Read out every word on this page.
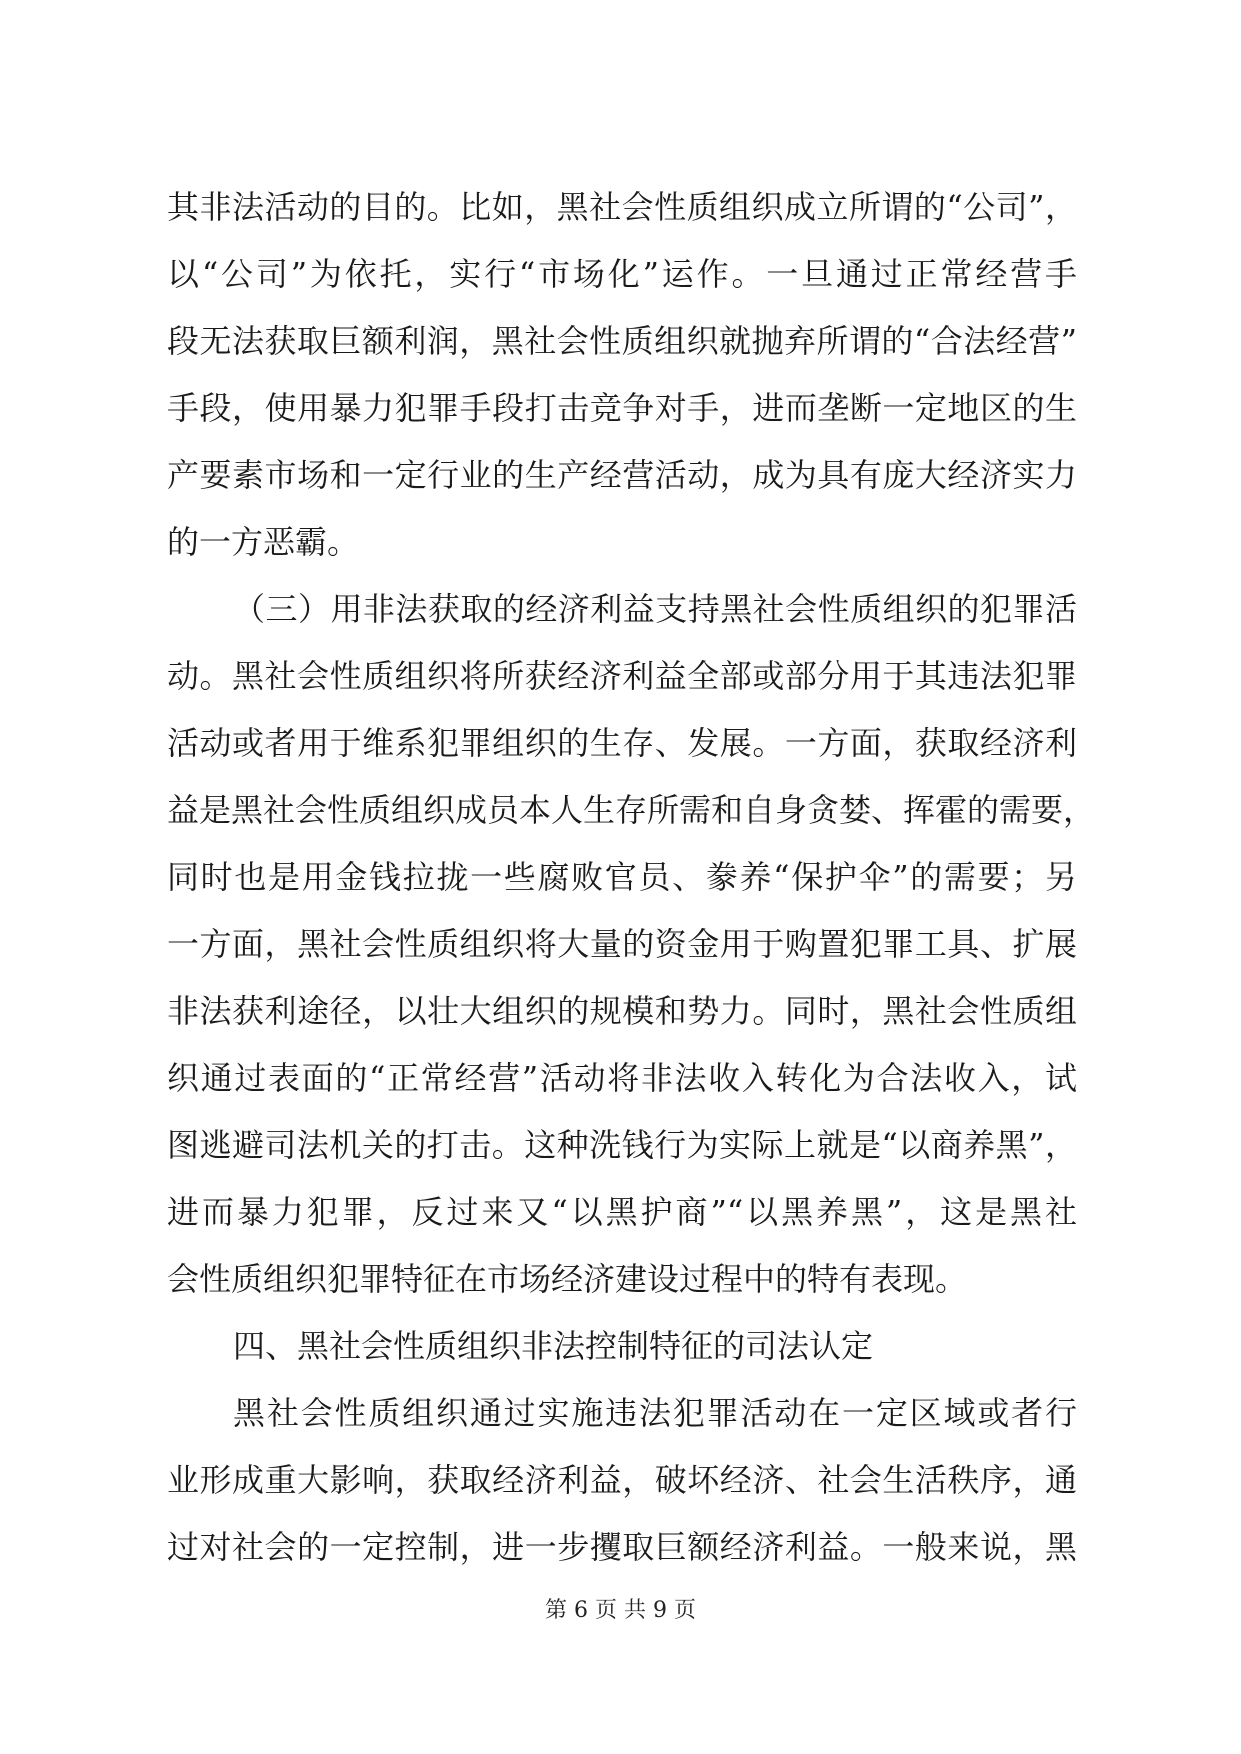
其非法活动的目的。比如，黑社会性质组织成立所谓的“公司”，
以“公司”为依托，实行“市场化”运作。一旦通过正常经营手
段无法获取巨额利润，黑社会性质组织就抛弃所谓的“合法经营”
手段，使用暴力犯罪手段打击竞争对手，进而垄断一定地区的生
产要素市场和一定行业的生产经营活动，成为具有庞大经济实力
的一方恶霸。
（三）用非法获取的经济利益支持黑社会性质组织的犯罪活
动。黑社会性质组织将所获经济利益全部或部分用于其违法犯罪
活动或者用于维系犯罪组织的生存、发展。一方面，获取经济利
益是黑社会性质组织成员本人生存所需和自身贪婪、挥霍的需要，
同时也是用金钱拉拢一些腐败官员、豢养“保护伞”的需要；另
一方面，黑社会性质组织将大量的资金用于购置犯罪工具、扩展
非法获利途径，以壮大组织的规模和势力。同时，黑社会性质组
织通过表面的“正常经营”活动将非法收入转化为合法收入，试
图逃避司法机关的打击。这种洗钱行为实际上就是“以商养黑”，
进而暴力犯罪，反过来又“以黑护商”“以黑养黑”，这是黑社
会性质组织犯罪特征在市场经济建设过程中的特有表现。
四、黑社会性质组织非法控制特征的司法认定
黑社会性质组织通过实施违法犯罪活动在一定区域或者行
业形成重大影响，获取经济利益，破坏经济、社会生活秩序，通
过对社会的一定控制，进一步攫取巨额经济利益。一般来说，黑
第 6 页 共 9 页
